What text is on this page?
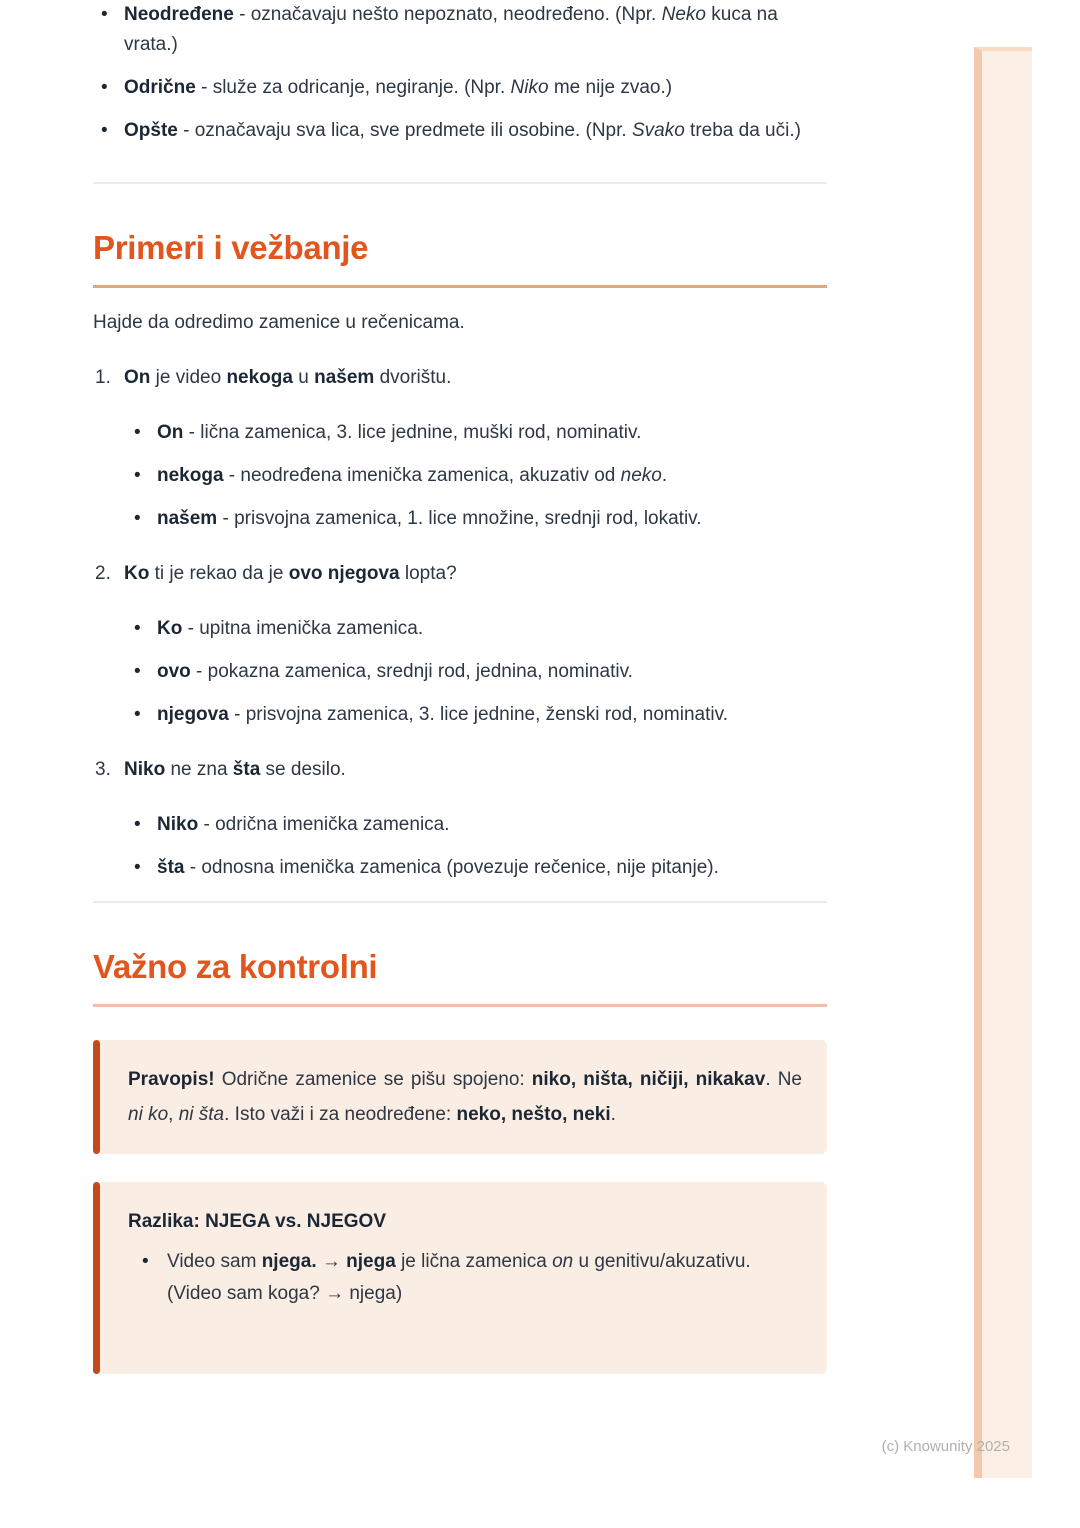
• Neodređene - označavaju nešto nepoznato, neodređeno. (Npr. Neko kuca na vrata.)
• Odrične - služe za odricanje, negiranje. (Npr. Niko me nije zvao.)
• Opšte - označavaju sva lica, sve predmete ili osobine. (Npr. Svako treba da uči.)
Primeri i vežbanje

Hajde da odredimo zamenice u rečenicama.

1. On je video nekoga u našem dvorištu.
• On - lična zamenica, 3. lice jednine, muški rod, nominativ.
• nekoga - neodređena imenička zamenica, akuzativ od neko.
• našem - prisvojna zamenica, 1. lice množine, srednji rod, lokativ.
2. Ko ti je rekao da je ovo njegova lopta?
• Ko - upitna imenička zamenica.
• ovo - pokazna zamenica, srednji rod, jednina, nominativ.
• njegova - prisvojna zamenica, 3. lice jednine, ženski rod, nominativ.
3. Niko ne zna šta se desilo.
• Niko - odrična imenička zamenica.
• šta - odnosna imenička zamenica (povezuje rečenice, nije pitanje).
Važno za kontrolni
Pravopis! Odrične zamenice se pišu spojeno: niko, ništa, ničiji, nikakav. Ne ni ko, ni šta. Isto važi i za neodređene: neko, nešto, neki.
Razlika: NJEGA vs. NJEGOV
• Video sam njega. → njega je lična zamenica on u genitivu/akuzativu. (Video sam koga? → njega)
(c) Knowunity 2025
